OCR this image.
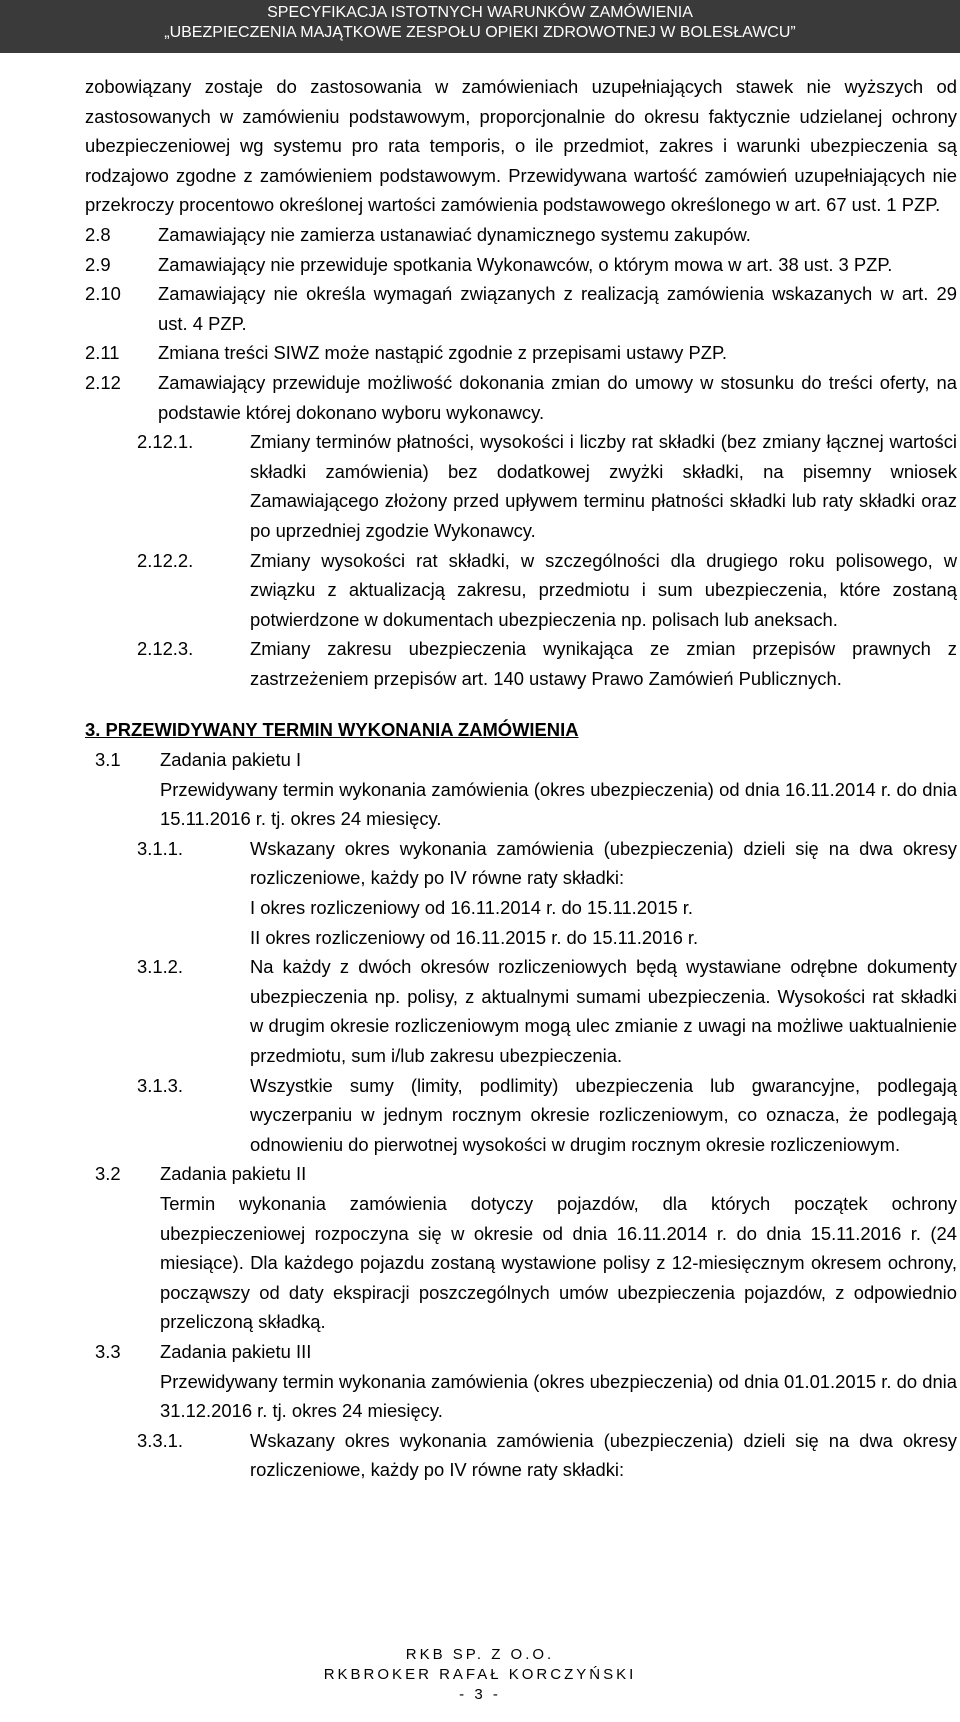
SPECYFIKACJA ISTOTNYCH WARUNKÓW ZAMÓWIENIA
„UBEZPIECZENIA MAJĄTKOWE ZESPOŁU OPIEKI ZDROWOTNEJ W BOLESŁAWCU”

zobowiązany zostaje do zastosowania w zamówieniach uzupełniających stawek nie wyższych od zastosowanych w zamówieniu podstawowym, proporcjonalnie do okresu faktycznie udzielanej ochrony ubezpieczeniowej wg systemu pro rata temporis, o ile przedmiot, zakres i warunki ubezpieczenia są rodzajowo zgodne z zamówieniem podstawowym. Przewidywana wartość zamówień uzupełniających nie przekroczy procentowo określonej wartości zamówienia podstawowego określonego w art. 67 ust. 1 PZP.

2.8	Zamawiający nie zamierza ustanawiać dynamicznego systemu zakupów.
2.9	Zamawiający nie przewiduje spotkania Wykonawców, o którym mowa w art. 38 ust. 3 PZP.
2.10 Zamawiający nie określa wymagań związanych z realizacją zamówienia wskazanych w art. 29 ust. 4 PZP.
2.11 Zmiana treści SIWZ może nastąpić zgodnie z przepisami ustawy PZP.
2.12 Zamawiający przewiduje możliwość dokonania zmian do umowy w stosunku do treści oferty, na podstawie której dokonano wyboru wykonawcy.
2.12.1.	Zmiany terminów płatności, wysokości i liczby rat składki (bez zmiany łącznej wartości składki zamówienia) bez dodatkowej zwyżki składki, na pisemny wniosek Zamawiającego złożony przed upływem terminu płatności składki lub raty składki oraz po uprzedniej zgodzie Wykonawcy.
2.12.2.	Zmiany wysokości rat składki, w szczególności dla drugiego roku polisowego, w związku z aktualizacją zakresu, przedmiotu i sum ubezpieczenia, które zostaną potwierdzone w dokumentach ubezpieczenia np. polisach lub aneksach.
2.12.3.	Zmiany zakresu ubezpieczenia wynikająca ze zmian przepisów prawnych z zastrzeżeniem przepisów art. 140 ustawy Prawo Zamówień Publicznych.
3. PRZEWIDYWANY TERMIN WYKONANIA ZAMÓWIENIA
3.1 Zadania pakietu I
Przewidywany termin wykonania zamówienia (okres ubezpieczenia) od dnia 16.11.2014 r. do dnia 15.11.2016 r. tj. okres 24 miesięcy.
3.1.1.	Wskazany okres wykonania zamówienia (ubezpieczenia) dzieli się na dwa okresy rozliczeniowe, każdy po IV równe raty składki:
I okres rozliczeniowy od 16.11.2014 r. do 15.11.2015 r.
II okres rozliczeniowy od 16.11.2015 r. do 15.11.2016 r.
3.1.2.	Na każdy z dwóch okresów rozliczeniowych będą wystawiane odrębne dokumenty ubezpieczenia np. polisy, z aktualnymi sumami ubezpieczenia. Wysokości rat składki w drugim okresie rozliczeniowym mogą ulec zmianie z uwagi na możliwe uaktualnienie przedmiotu, sum i/lub zakresu ubezpieczenia.
3.1.3.	Wszystkie sumy (limity, podlimity) ubezpieczenia lub gwarancyjne, podlegają wyczerpaniu w jednym rocznym okresie rozliczeniowym, co oznacza, że podlegają odnowieniu do pierwotnej wysokości w drugim rocznym okresie rozliczeniowym.
3.2 Zadania pakietu II
Termin wykonania zamówienia dotyczy pojazdów, dla których początek ochrony ubezpieczeniowej rozpoczyna się w okresie od dnia 16.11.2014 r. do dnia 15.11.2016 r. (24 miesiące). Dla każdego pojazdu zostaną wystawione polisy z 12-miesięcznym okresem ochrony, począwszy od daty ekspiracji poszczególnych umów ubezpieczenia pojazdów, z odpowiednio przeliczoną składką.
3.3 Zadania pakietu III
Przewidywany termin wykonania zamówienia (okres ubezpieczenia) od dnia 01.01.2015 r. do dnia 31.12.2016 r. tj. okres 24 miesięcy.
3.3.1.	Wskazany okres wykonania zamówienia (ubezpieczenia) dzieli się na dwa okresy rozliczeniowe, każdy po IV równe raty składki:
RKB SP. Z O.O.
RKBROKER RAFAŁ KORCZYŃSKI
- 3 -
